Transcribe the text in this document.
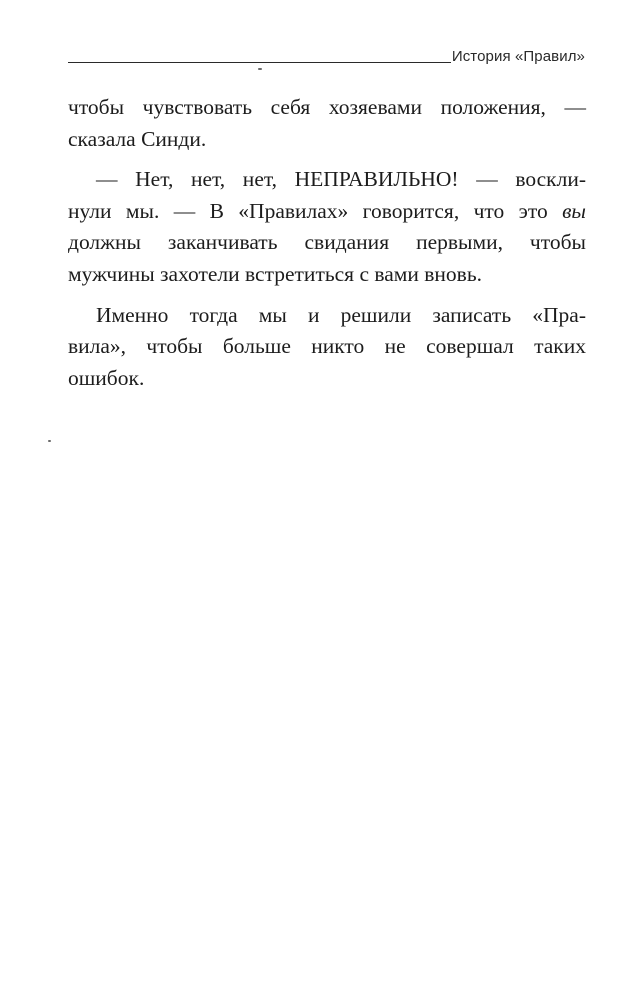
История «Правил»
чтобы чувствовать себя хозяевами положения, —
сказала Синди.
— Нет, нет, нет, НЕПРАВИЛЬНО! — воскли-
нули мы. — В «Правилах» говорится, что это вы
должны заканчивать свидания первыми, чтобы
мужчины захотели встретиться с вами вновь.
Именно тогда мы и решили записать «Пра-
вила», чтобы больше никто не совершал таких
ошибок.
